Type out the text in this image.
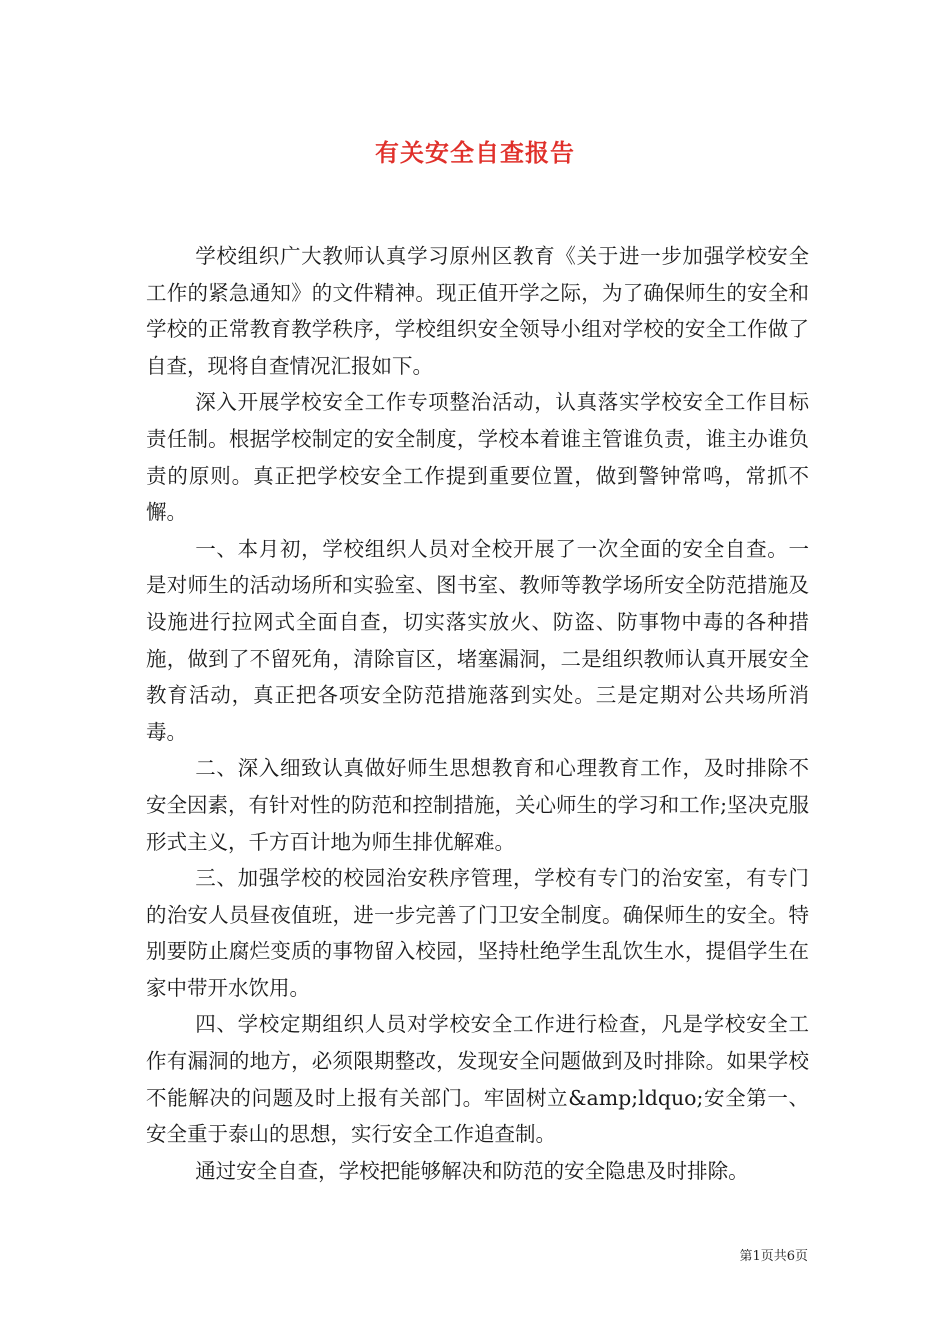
有关安全自查报告

学校组织广大教师认真学习原州区教育《关于进一步加强学校安全工作的紧急通知》的文件精神。现正值开学之际，为了确保师生的安全和学校的正常教育教学秩序，学校组织安全领导小组对学校的安全工作做了自查，现将自查情况汇报如下。

深入开展学校安全工作专项整治活动，认真落实学校安全工作目标责任制。根据学校制定的安全制度，学校本着谁主管谁负责，谁主办谁负责的原则。真正把学校安全工作提到重要位置，做到警钟常鸣，常抓不懈。

一、本月初，学校组织人员对全校开展了一次全面的安全自查。一是对师生的活动场所和实验室、图书室、教师等教学场所安全防范措施及设施进行拉网式全面自查，切实落实放火、防盗、防事物中毒的各种措施，做到了不留死角，清除盲区，堵塞漏洞，二是组织教师认真开展安全教育活动，真正把各项安全防范措施落到实处。三是定期对公共场所消毒。

二、深入细致认真做好师生思想教育和心理教育工作，及时排除不安全因素，有针对性的防范和控制措施，关心师生的学习和工作;坚决克服形式主义，千方百计地为师生排优解难。

三、加强学校的校园治安秩序管理，学校有专门的治安室，有专门的治安人员昼夜值班，进一步完善了门卫安全制度。确保师生的安全。特别要防止腐烂变质的事物留入校园，坚持杜绝学生乱饮生水，提倡学生在家中带开水饮用。

四、学校定期组织人员对学校安全工作进行检查，凡是学校安全工作有漏洞的地方，必须限期整改，发现安全问题做到及时排除。如果学校不能解决的问题及时上报有关部门。牢固树立&amp;ldquo;安全第一、安全重于泰山的思想，实行安全工作追查制。

通过安全自查，学校把能够解决和防范的安全隐患及时排除。

第1页共6页
